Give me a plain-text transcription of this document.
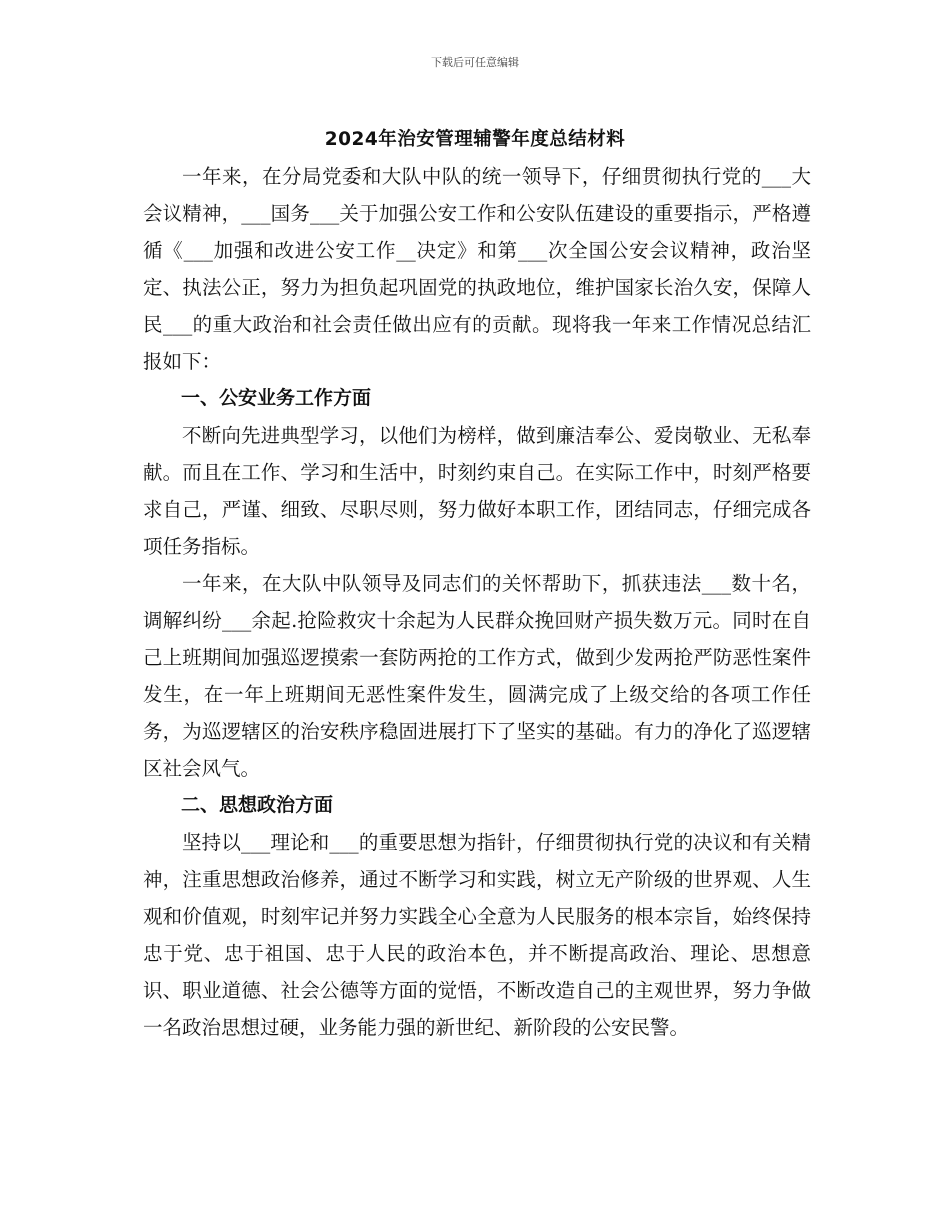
下载后可任意编辑
2024年治安管理辅警年度总结材料

一年来，在分局党委和大队中队的统一领导下，仔细贯彻执行党的___大会议精神，___国务___关于加强公安工作和公安队伍建设的重要指示，严格遵循《___加强和改进公安工作__决定》和第___次全国公安会议精神，政治坚定、执法公正，努力为担负起巩固党的执政地位，维护国家长治久安，保障人民___的重大政治和社会责任做出应有的贡献。现将我一年来工作情况总结汇报如下：

一、公安业务工作方面

不断向先进典型学习，以他们为榜样，做到廉洁奉公、爱岗敬业、无私奉献。而且在工作、学习和生活中，时刻约束自己。在实际工作中，时刻严格要求自己，严谨、细致、尽职尽则，努力做好本职工作，团结同志，仔细完成各项任务指标。

一年来，在大队中队领导及同志们的关怀帮助下，抓获违法___数十名，调解纠纷___余起.抢险救灾十余起为人民群众挽回财产损失数万元。同时在自己上班期间加强巡逻摸索一套防两抢的工作方式，做到少发两抢严防恶性案件发生，在一年上班期间无恶性案件发生，圆满完成了上级交给的各项工作任务，为巡逻辖区的治安秩序稳固进展打下了坚实的基础。有力的净化了巡逻辖区社会风气。

二、思想政治方面

坚持以___理论和___的重要思想为指针，仔细贯彻执行党的决议和有关精神，注重思想政治修养，通过不断学习和实践，树立无产阶级的世界观、人生观和价值观，时刻牢记并努力实践全心全意为人民服务的根本宗旨，始终保持忠于党、忠于祖国、忠于人民的政治本色，并不断提高政治、理论、思想意识、职业道德、社会公德等方面的觉悟，不断改造自己的主观世界，努力争做一名政治思想过硬，业务能力强的新世纪、新阶段的公安民警。
